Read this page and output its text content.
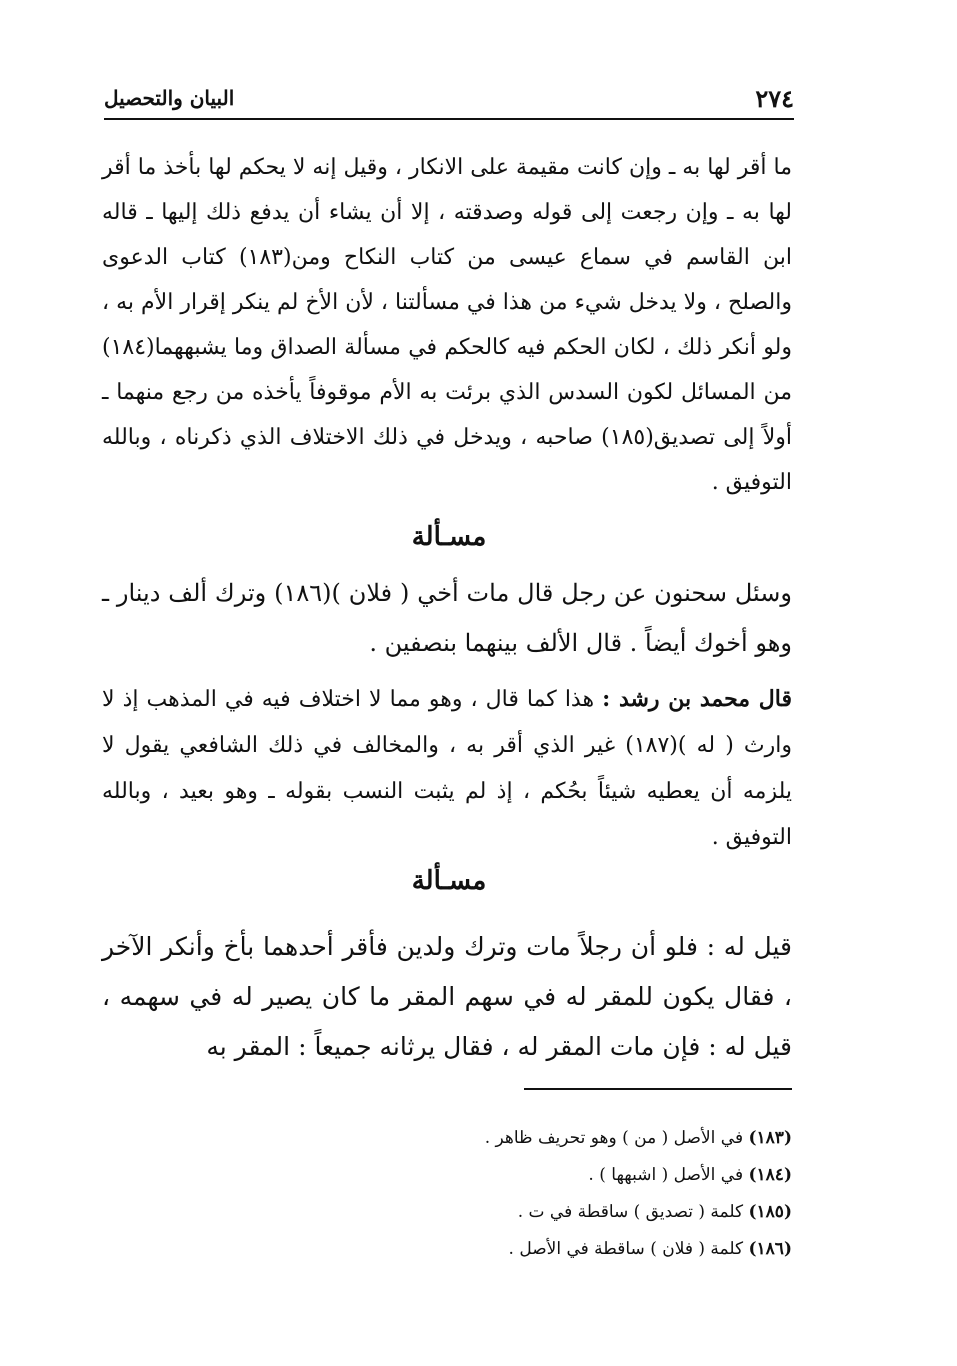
٢٧٤
البيان والتحصيل

ما أقر لها به ـ وإن كانت مقيمة على الانكار ، وقيل إنه لا يحكم لها بأخذ ما أقر لها به ـ وإن رجعت إلى قوله وصدقته ، إلا أن يشاء أن يدفع ذلك إليها ـ قاله ابن القاسم في سماع عيسى من كتاب النكاح ومن(١٨٣) كتاب الدعوى والصلح ، ولا يدخل شيء من هذا في مسألتنا ، لأن الأخ لم ينكر إقرار الأم به ، ولو أنكر ذلك ، لكان الحكم فيه كالحكم في مسألة الصداق وما يشبههما(١٨٤) من المسائل لكون السدس الذي برئت به الأم موقوفاً يأخذه من رجع منهما ـ أولاً إلى تصديق(١٨٥) صاحبه ، ويدخل في ذلك الاختلاف الذي ذكرناه ، وبالله التوفيق .

مسـألة

وسئل سحنون عن رجل قال مات أخي ( فلان )(١٨٦) وترك ألف دينار ـ وهو أخوك أيضاً . قال الألف بينهما بنصفين .

قال محمد بن رشد : هذا كما قال ، وهو مما لا اختلاف فيه في المذهب إذ لا وارث ( له )(١٨٧) غير الذي أقر به ، والمخالف في ذلك الشافعي يقول لا يلزمه أن يعطيه شيئاً بحُكم ، إذ لم يثبت النسب بقوله ـ وهو بعيد ، وبالله التوفيق .

مسـألة

قيل له : فلو أن رجلاً مات وترك ولدين فأقر أحدهما بأخ وأنكر الآخر ، فقال يكون للمقر له في سهم المقر ما كان يصير له في سهمه ، قيل له : فإن مات المقر له ، فقال يرثانه جميعاً : المقر به

(١٨٣) في الأصل ( من ) وهو تحريف ظاهر .
(١٨٤) في الأصل ( اشبهها ) .
(١٨٥) كلمة ( تصديق ) ساقطة في ت .
(١٨٦) كلمة ( فلان ) ساقطة في الأصل .
